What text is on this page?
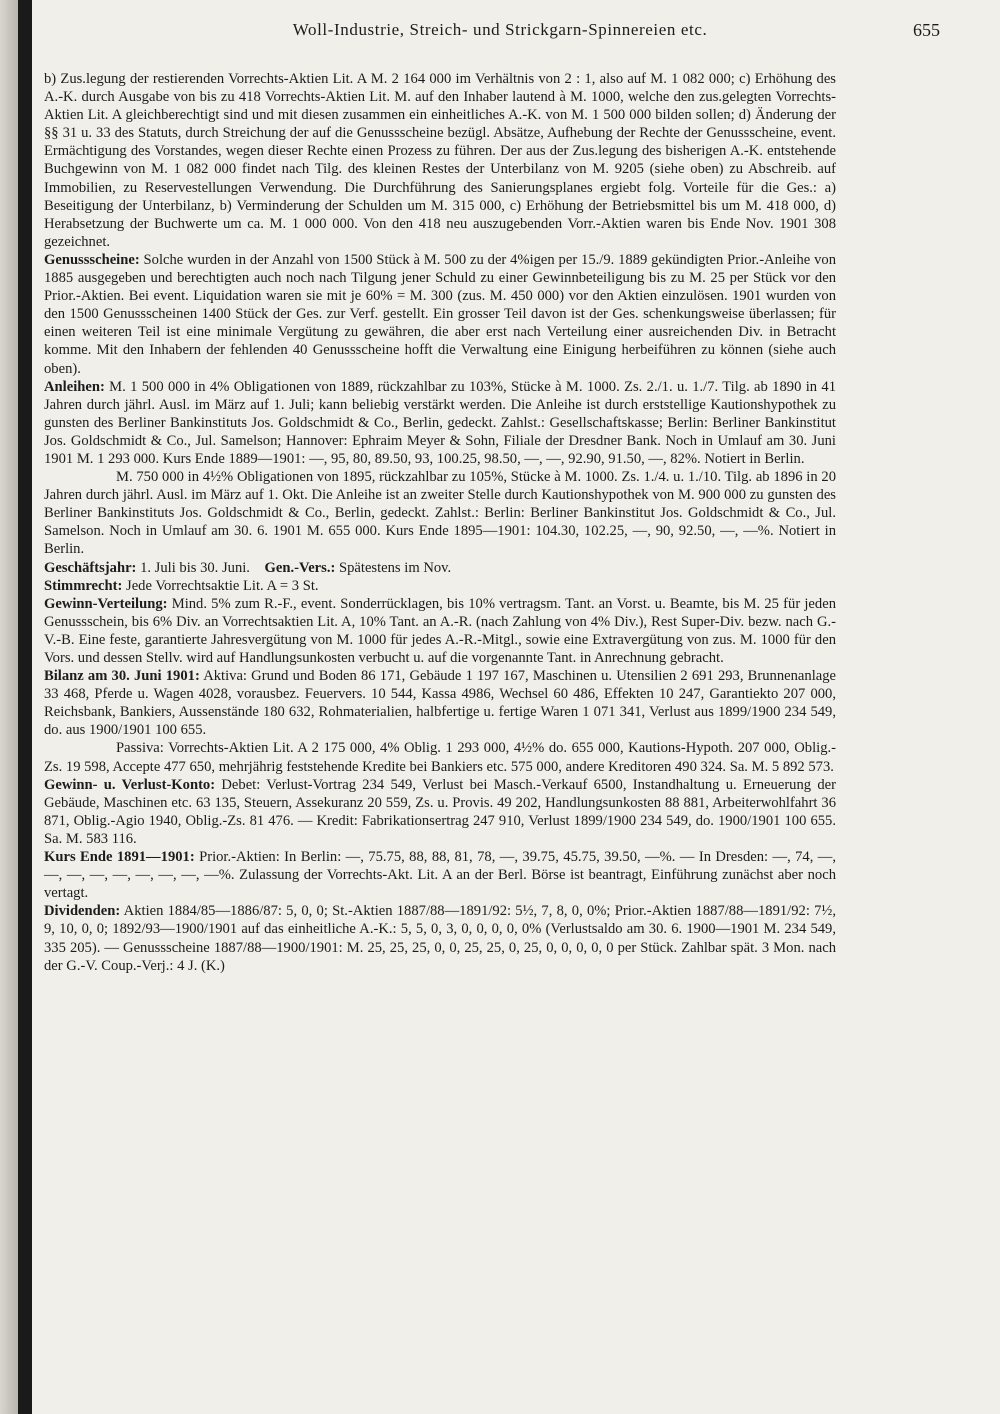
Woll-Industrie, Streich- und Strickgarn-Spinnereien etc.	655

b) Zus.legung der restierenden Vorrechts-Aktien Lit. A M. 2 164 000 im Verhältnis von 2 : 1, also auf M. 1 082 000; c) Erhöhung des A.-K. durch Ausgabe von bis zu 418 Vorrechts-Aktien Lit. M. auf den Inhaber lautend à M. 1000, welche den zus.gelegten Vorrechts-Aktien Lit. A gleichberechtigt sind und mit diesen zusammen ein einheitliches A.-K. von M. 1 500 000 bilden sollen; d) Änderung der §§ 31 u. 33 des Statuts, durch Streichung der auf die Genussscheine bezügl. Absätze, Aufhebung der Rechte der Genussscheine, event. Ermächtigung des Vorstandes, wegen dieser Rechte einen Prozess zu führen. Der aus der Zus.legung des bisherigen A.-K. entstehende Buchgewinn von M. 1 082 000 findet nach Tilg. des kleinen Restes der Unterbilanz von M. 9205 (siehe oben) zu Abschreib. auf Immobilien, zu Reservestellungen Verwendung. Die Durchführung des Sanierungsplanes ergiebt folg. Vorteile für die Ges.: a) Beseitigung der Unterbilanz, b) Verminderung der Schulden um M. 315 000, c) Erhöhung der Betriebsmittel bis um M. 418 000, d) Herabsetzung der Buchwerte um ca. M. 1 000 000. Von den 418 neu auszugebenden Vorr.-Aktien waren bis Ende Nov. 1901 308 gezeichnet.

Genussscheine: Solche wurden in der Anzahl von 1500 Stück à M. 500 zu der 4%igen per 15./9. 1889 gekündigten Prior.-Anleihe von 1885 ausgegeben und berechtigten auch noch nach Tilgung jener Schuld zu einer Gewinnbeteiligung bis zu M. 25 per Stück vor den Prior.-Aktien. Bei event. Liquidation waren sie mit je 60% = M. 300 (zus. M. 450 000) vor den Aktien einzulösen. 1901 wurden von den 1500 Genussscheinen 1400 Stück der Ges. zur Verf. gestellt. Ein grosser Teil davon ist der Ges. schenkungsweise überlassen; für einen weiteren Teil ist eine minimale Vergütung zu gewähren, die aber erst nach Verteilung einer ausreichenden Div. in Betracht komme. Mit den Inhabern der fehlenden 40 Genussscheine hofft die Verwaltung eine Einigung herbeiführen zu können (siehe auch oben).

Anleihen: M. 1 500 000 in 4% Obligationen von 1889, rückzahlbar zu 103%, Stücke à M. 1000. Zs. 2./1. u. 1./7. Tilg. ab 1890 in 41 Jahren durch jährl. Ausl. im März auf 1. Juli; kann beliebig verstärkt werden. Die Anleihe ist durch erststellige Kautionshypothek zu gunsten des Berliner Bankinstituts Jos. Goldschmidt & Co., Berlin, gedeckt. Zahlst.: Gesellschaftskasse; Berlin: Berliner Bankinstitut Jos. Goldschmidt & Co., Jul. Samelson; Hannover: Ephraim Meyer & Sohn, Filiale der Dresdner Bank. Noch in Umlauf am 30. Juni 1901 M. 1 293 000. Kurs Ende 1889—1901: —, 95, 80, 89.50, 93, 100.25, 98.50, —, —, 92.90, 91.50, —, 82%. Notiert in Berlin.

M. 750 000 in 4½% Obligationen von 1895, rückzahlbar zu 105%, Stücke à M. 1000. Zs. 1./4. u. 1./10. Tilg. ab 1896 in 20 Jahren durch jährl. Ausl. im März auf 1. Okt. Die Anleihe ist an zweiter Stelle durch Kautionshypothek von M. 900 000 zu gunsten des Berliner Bankinstituts Jos. Goldschmidt & Co., Berlin, gedeckt. Zahlst.: Berlin: Berliner Bankinstitut Jos. Goldschmidt & Co., Jul. Samelson. Noch in Umlauf am 30. 6. 1901 M. 655 000. Kurs Ende 1895—1901: 104.30, 102.25, —, 90, 92.50, —, —%. Notiert in Berlin.

Geschäftsjahr: 1. Juli bis 30. Juni. Gen.-Vers.: Spätestens im Nov.

Stimmrecht: Jede Vorrechtsaktie Lit. A = 3 St.

Gewinn-Verteilung: Mind. 5% zum R.-F., event. Sonderrücklagen, bis 10% vertragsm. Tant. an Vorst. u. Beamte, bis M. 25 für jeden Genussschein, bis 6% Div. an Vorrechtsaktien Lit. A, 10% Tant. an A.-R. (nach Zahlung von 4% Div.), Rest Super-Div. bezw. nach G.-V.-B. Eine feste, garantierte Jahresvergütung von M. 1000 für jedes A.-R.-Mitgl., sowie eine Extravergütung von zus. M. 1000 für den Vors. und dessen Stellv. wird auf Handlungsunkosten verbucht u. auf die vorgenannte Tant. in Anrechnung gebracht.

Bilanz am 30. Juni 1901: Aktiva: Grund und Boden 86 171, Gebäude 1 197 167, Maschinen u. Utensilien 2 691 293, Brunnenanlage 33 468, Pferde u. Wagen 4028, vorausbez. Feuervers. 10 544, Kassa 4986, Wechsel 60 486, Effekten 10 247, Garantiekto 207 000, Reichsbank, Bankiers, Aussenstände 180 632, Rohmaterialien, halbfertige u. fertige Waren 1 071 341, Verlust aus 1899/1900 234 549, do. aus 1900/1901 100 655.

Passiva: Vorrechts-Aktien Lit. A 2 175 000, 4% Oblig. 1 293 000, 4½% do. 655 000, Kautions-Hypoth. 207 000, Oblig.-Zs. 19 598, Accepte 477 650, mehrjährig feststehende Kredite bei Bankiers etc. 575 000, andere Kreditoren 490 324. Sa. M. 5 892 573.

Gewinn- u. Verlust-Konto: Debet: Verlust-Vortrag 234 549, Verlust bei Masch.-Verkauf 6500, Instandhaltung u. Erneuerung der Gebäude, Maschinen etc. 63 135, Steuern, Assekuranz 20 559, Zs. u. Provis. 49 202, Handlungsunkosten 88 881, Arbeiterwohlfahrt 36 871, Oblig.-Agio 1940, Oblig.-Zs. 81 476. — Kredit: Fabrikationsertrag 247 910, Verlust 1899/1900 234 549, do. 1900/1901 100 655. Sa. M. 583 116.

Kurs Ende 1891—1901: Prior.-Aktien: In Berlin: —, 75.75, 88, 88, 81, 78, —, 39.75, 45.75, 39.50, —%. — In Dresden: —, 74, —, —, —, —, —, —, —, —, —%. Zulassung der Vorrechts-Akt. Lit. A an der Berl. Börse ist beantragt, Einführung zunächst aber noch vertagt.

Dividenden: Aktien 1884/85—1886/87: 5, 0, 0; St.-Aktien 1887/88—1891/92: 5½, 7, 8, 0, 0%; Prior.-Aktien 1887/88—1891/92: 7½, 9, 10, 0, 0; 1892/93—1900/1901 auf das einheitliche A.-K.: 5, 5, 0, 3, 0, 0, 0, 0, 0% (Verlustsaldo am 30. 6. 1900—1901 M. 234 549, 335 205). — Genussscheine 1887/88—1900/1901: M. 25, 25, 25, 0, 0, 25, 25, 0, 25, 0, 0, 0, 0, 0 per Stück. Zahlbar spät. 3 Mon. nach der G.-V. Coup.-Verj.: 4 J. (K.)
